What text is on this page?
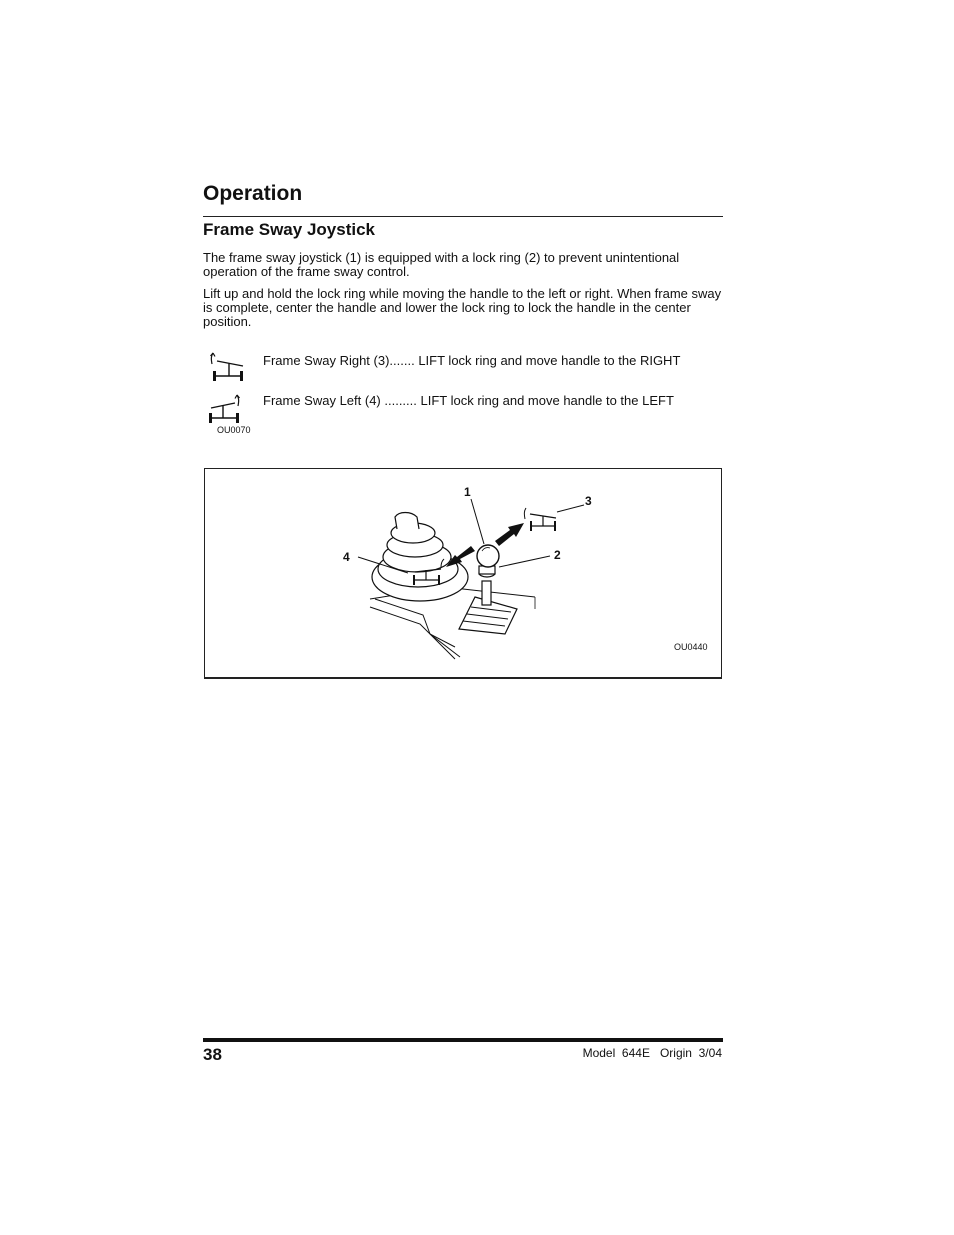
Operation
Frame Sway Joystick

The frame sway joystick (1) is equipped with a lock ring (2) to prevent unintentional operation of the frame sway control.

Lift up and hold the lock ring while moving the handle to the left or right. When frame sway is complete, center the handle and lower the lock ring to lock the handle in the center position.

Frame Sway Right (3)....... LIFT lock ring and move handle to the RIGHT
Frame Sway Left (4) ......... LIFT lock ring and move handle to the LEFT
OU0070
1
2
3
4
OU0440
38	Model  644E   Origin  3/04
